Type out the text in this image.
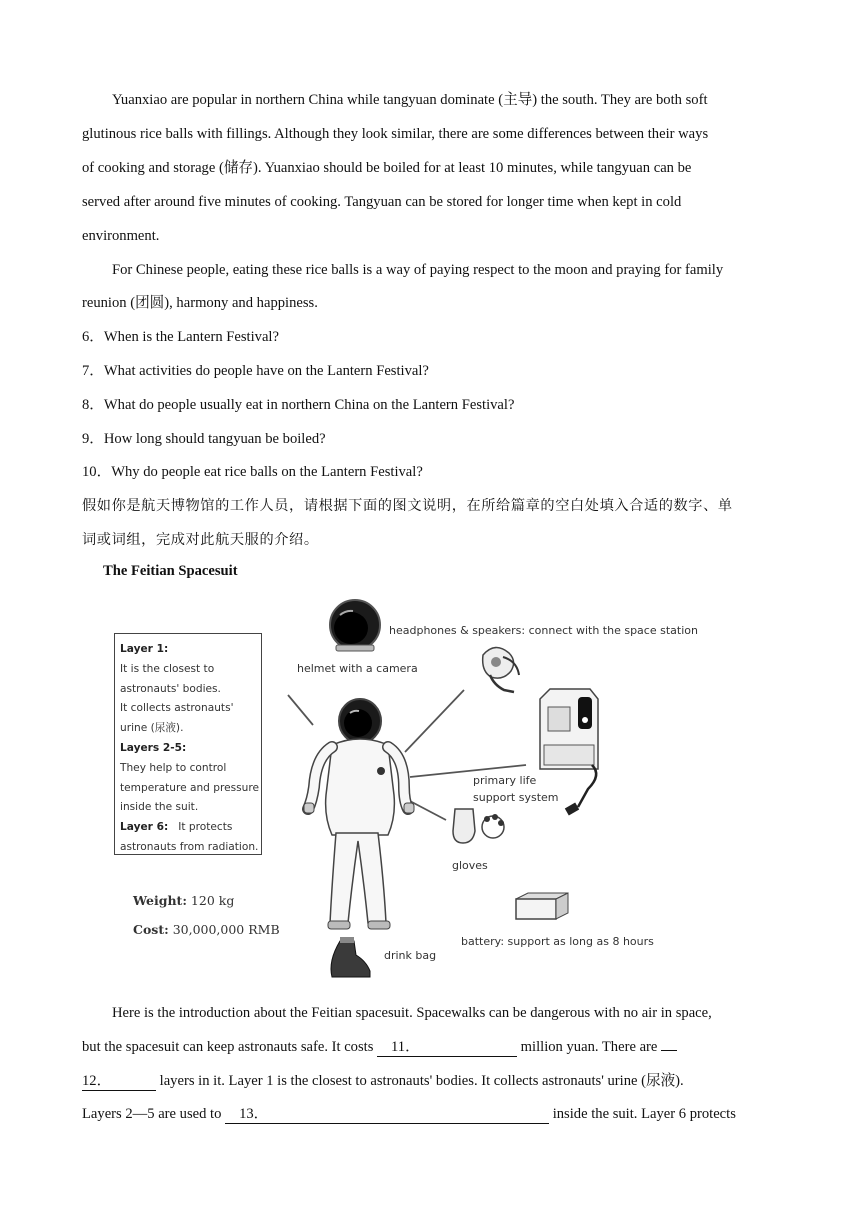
Yuanxiao are popular in northern China while tangyuan dominate (主导) the south. They are both soft
glutinous rice balls with fillings. Although they look similar, there are some differences between their ways
of cooking and storage (储存). Yuanxiao should be boiled for at least 10 minutes, while tangyuan can be
served after around five minutes of cooking. Tangyuan can be stored for longer time when kept in cold
environment.
For Chinese people, eating these rice balls is a way of paying respect to the moon and praying for family
reunion (团圆), harmony and happiness.
6．When is the Lantern Festival?
7．What activities do people have on the Lantern Festival?
8．What do people usually eat in northern China on the Lantern Festival?
9．How long should tangyuan be boiled?
10．Why do people eat rice balls on the Lantern Festival?
假如你是航天博物馆的工作人员，请根据下面的图文说明，在所给篇章的空白处填入合适的数字、单
词或词组，完成对此航天服的介绍。
The Feitian Spacesuit
headphones & speakers: connect with the space station
helmet with a camera
primary life
support system
gloves
battery: support as long as 8 hours
drink bag
Layer 1:
It is the closest to
astronauts' bodies.
It collects astronauts'
urine (尿液).
Layers 2-5:
They help to control
temperature and pressure
inside the suit.
Layer 6:   It protects
astronauts from radiation.
Weight: 120 kg
Cost: 30,000,000 RMB
Here is the introduction about the Feitian spacesuit. Spacewalks can be dangerous with no air in space,
but the spacesuit can keep astronauts safe. It costs 11．	million yuan. There are
12．	layers in it. Layer 1 is the closest to astronauts' bodies. It collects astronauts' urine (尿液).
Layers 2—5 are used to 13．	inside the suit. Layer 6 protects
